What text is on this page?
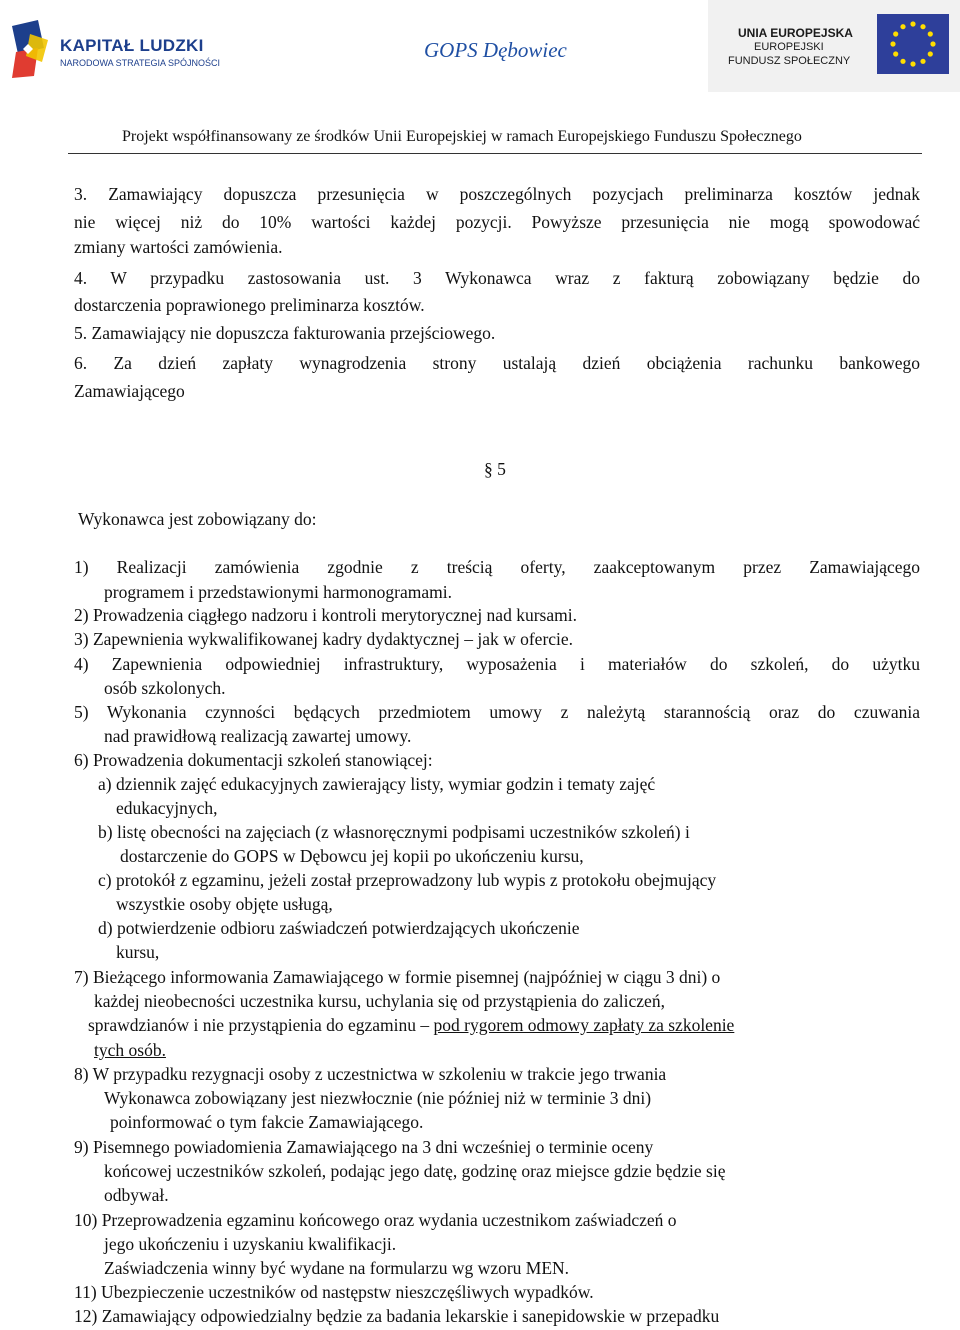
KAPITAŁ LUDZKI
NARODOWA STRATEGIA SPÓJNOŚCI
GOPS Dębowiec
UNIA EUROPEJSKA
EUROPEJSKI
FUNDUSZ SPOŁECZNY
Projekt współfinansowany ze środków Unii Europejskiej w ramach Europejskiego Funduszu Społecznego
3. Zamawiający dopuszcza przesunięcia w poszczególnych pozycjach preliminarza kosztów jednak
nie więcej niż do 10% wartości każdej pozycji. Powyższe przesunięcia nie mogą spowodować
zmiany wartości zamówienia.
4. W przypadku zastosowania ust. 3 Wykonawca wraz z fakturą zobowiązany będzie do
dostarczenia poprawionego preliminarza kosztów.
5. Zamawiający nie dopuszcza fakturowania przejściowego.
6. Za dzień zapłaty wynagrodzenia strony ustalają dzień obciążenia rachunku bankowego
Zamawiającego
§ 5
Wykonawca jest zobowiązany do:
1) Realizacji zamówienia zgodnie z treścią oferty, zaakceptowanym przez Zamawiającego
programem i przedstawionymi harmonogramami.
2) Prowadzenia ciągłego nadzoru i kontroli merytorycznej nad kursami.
3) Zapewnienia wykwalifikowanej kadry dydaktycznej – jak w ofercie.
4) Zapewnienia odpowiedniej infrastruktury, wyposażenia i materiałów do szkoleń, do użytku
osób szkolonych.
5) Wykonania czynności będących przedmiotem umowy z należytą starannością oraz do czuwania
nad prawidłową realizacją zawartej umowy.
6) Prowadzenia dokumentacji szkoleń stanowiącej:
a) dziennik zajęć edukacyjnych zawierający listy, wymiar godzin i tematy zajęć
edukacyjnych,
b) listę obecności na zajęciach (z własnoręcznymi podpisami uczestników szkoleń) i
dostarczenie do GOPS w Dębowcu jej kopii po ukończeniu kursu,
c) protokół z egzaminu, jeżeli został przeprowadzony lub wypis z protokołu obejmujący
wszystkie osoby objęte usługą,
d) potwierdzenie odbioru zaświadczeń potwierdzających ukończenie
kursu,
7) Bieżącego informowania Zamawiającego w formie pisemnej (najpóźniej w ciągu 3 dni) o
każdej nieobecności uczestnika kursu, uchylania się od przystąpienia do zaliczeń,
sprawdzianów i nie przystąpienia do egzaminu – pod rygorem odmowy zapłaty za szkolenie
tych osób.
8) W przypadku rezygnacji osoby z uczestnictwa w szkoleniu w trakcie jego trwania
Wykonawca zobowiązany jest niezwłocznie (nie później niż w terminie 3 dni)
poinformować o tym fakcie Zamawiającego.
9) Pisemnego powiadomienia Zamawiającego na 3 dni wcześniej o terminie oceny
końcowej uczestników szkoleń, podając jego datę, godzinę oraz miejsce gdzie będzie się
odbywał.
10) Przeprowadzenia egzaminu końcowego oraz wydania uczestnikom zaświadczeń o
jego ukończeniu i uzyskaniu kwalifikacji.
Zaświadczenia winny być wydane na formularzu wg wzoru MEN.
11) Ubezpieczenie uczestników od następstw nieszczęśliwych wypadków.
12) Zamawiający odpowiedzialny będzie za badania lekarskie i sanepidowskie w przepadku
